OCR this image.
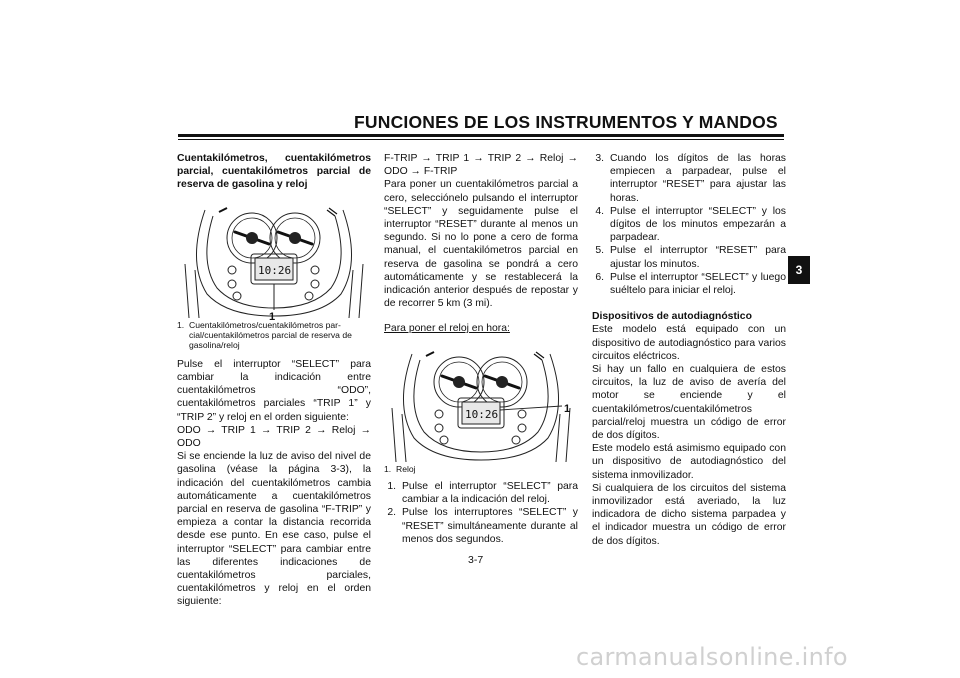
FUNCIONES DE LOS INSTRUMENTOS Y MANDOS
3

Cuentakilómetros, cuentakilómetros parcial, cuentakilómetros parcial de reserva de gasolina y reloj

10:26
1
1. Cuentakilómetros/cuentakilómetros par-
cial/cuentakilómetros parcial de reserva de
gasolina/reloj

Pulse el interruptor “SELECT” para cambiar la indicación entre cuentakilómetros “ODO”, cuentakilómetros parciales “TRIP 1” y “TRIP 2” y reloj en el orden siguiente:

ODO → TRIP 1 → TRIP 2 → Reloj → ODO

Si se enciende la luz de aviso del nivel de gasolina (véase la página 3-3), la indicación del cuentakilómetros cambia automáticamente a cuentakilómetros parcial en reserva de gasolina “F-TRIP” y empieza a contar la distancia recorrida desde ese punto. En ese caso, pulse el interruptor “SELECT” para cambiar entre las diferentes indicaciones de cuentakilómetros parciales, cuentakilómetros y reloj en el orden siguiente:

F-TRIP → TRIP 1 → TRIP 2 → Reloj → ODO → F-TRIP

Para poner un cuentakilómetros parcial a cero, selecciónelo pulsando el interruptor “SELECT” y seguidamente pulse el interruptor “RESET” durante al menos un segundo. Si no lo pone a cero de forma manual, el cuentakilómetros parcial en reserva de gasolina se pondrá a cero automáticamente y se restablecerá la indicación anterior después de repostar y de recorrer 5 km (3 mi).

Para poner el reloj en hora:

10:26	1
1. Reloj
1. Pulse el interruptor “SELECT” para cambiar a la indicación del reloj.
2. Pulse los interruptores “SELECT” y “RESET” simultáneamente durante al menos dos segundos.
3. Cuando los dígitos de las horas empiecen a parpadear, pulse el interruptor “RESET” para ajustar las horas.
4. Pulse el interruptor “SELECT” y los dígitos de los minutos empezarán a parpadear.
5. Pulse el interruptor “RESET” para ajustar los minutos.
6. Pulse el interruptor “SELECT” y luego suéltelo para iniciar el reloj.

Dispositivos de autodiagnóstico

Este modelo está equipado con un dispositivo de autodiagnóstico para varios circuitos eléctricos.

Si hay un fallo en cualquiera de estos circuitos, la luz de aviso de avería del motor se enciende y el cuentakilómetros/cuentakilómetros parcial/reloj muestra un código de error de dos dígitos.

Este modelo está asimismo equipado con un dispositivo de autodiagnóstico del sistema inmovilizador.

Si cualquiera de los circuitos del sistema inmovilizador está averiado, la luz indicadora de dicho sistema parpadea y el indicador muestra un código de error de dos dígitos.

3-7
carmanualsonline.info
